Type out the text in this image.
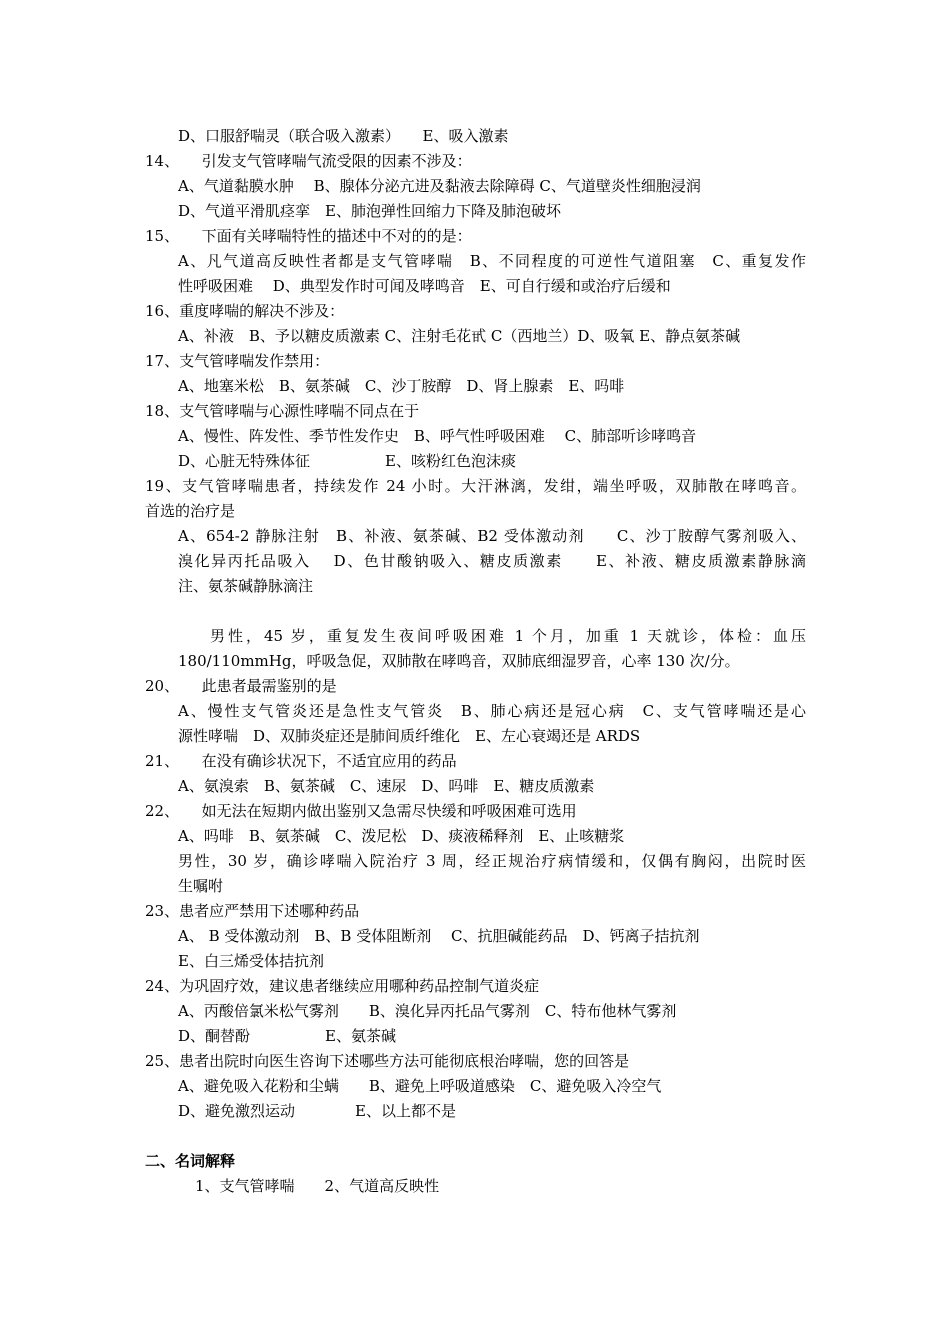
D、口服舒喘灵（联合吸入激素）　　E、吸入激素
14、　　引发支气管哮喘气流受限的因素不涉及：
A、气道黏膜水肿　 B、腺体分泌亢进及黏液去除障碍 C、气道壁炎性细胞浸润
D、气道平滑肌痉挛　E、肺泡弹性回缩力下降及肺泡破坏
15、　　下面有关哮喘特性的描述中不对的的是：
A、凡气道高反映性者都是支气管哮喘　B、不同程度的可逆性气道阻塞　C、重复发作
性呼吸困难　 D、典型发作时可闻及哮鸣音　E、可自行缓和或治疗后缓和
16、重度哮喘的解决不涉及：
A、补液　B、予以糖皮质激素 C、注射毛花甙 C（西地兰）D、吸氧 E、静点氨茶碱
17、支气管哮喘发作禁用：
A、地塞米松　B、氨茶碱　C、沙丁胺醇　D、肾上腺素　E、吗啡
18、支气管哮喘与心源性哮喘不同点在于
A、慢性、阵发性、季节性发作史　B、呼气性呼吸困难　 C、肺部听诊哮鸣音
D、心脏无特殊体征　　　　　E、咳粉红色泡沫痰
19、支气管哮喘患者，持续发作 24 小时。大汗淋漓，发绀，端坐呼吸，双肺散在哮鸣音。
首选的治疗是
A、654-2 静脉注射　B、补液、氨茶碱、B2 受体激动剂　　C、沙丁胺醇气雾剂吸入、
溴化异丙托品吸入　 D、色甘酸钠吸入、糖皮质激素　　E、补液、糖皮质激素静脉滴
注、氨茶碱静脉滴注
男性，45 岁，重复发生夜间呼吸困难 1 个月，加重 1 天就诊，体检：血压
180/110mmHg，呼吸急促，双肺散在哮鸣音，双肺底细湿罗音，心率 130 次/分。
20、　　此患者最需鉴别的是
A、慢性支气管炎还是急性支气管炎　B、肺心病还是冠心病　C、支气管哮喘还是心
源性哮喘　D、双肺炎症还是肺间质纤维化　E、左心衰竭还是 ARDS
21、　　在没有确诊状况下，不适宜应用的药品
A、氨溴索　B、氨茶碱　C、速尿　D、吗啡　E、糖皮质激素
22、　　如无法在短期内做出鉴别又急需尽快缓和呼吸困难可选用
A、吗啡　B、氨茶碱　C、泼尼松　D、痰液稀释剂　E、止咳糖浆
男性，30 岁，确诊哮喘入院治疗 3 周，经正规治疗病情缓和，仅偶有胸闷，出院时医
生嘱咐
23、患者应严禁用下述哪种药品
A、 B 受体激动剂　B、B 受体阻断剂　 C、抗胆碱能药品　D、钙离子拮抗剂
E、白三烯受体拮抗剂
24、为巩固疗效，建议患者继续应用哪种药品控制气道炎症
A、丙酸倍氯米松气雾剂　　B、溴化异丙托品气雾剂　C、特布他林气雾剂
D、酮替酚　　　　　E、氨茶碱
25、患者出院时向医生咨询下述哪些方法可能彻底根治哮喘，您的回答是
A、避免吸入花粉和尘螨　　B、避免上呼吸道感染　C、避免吸入冷空气
D、避免激烈运动　　　　E、以上都不是
二、名词解释
1、支气管哮喘　　2、气道高反映性
